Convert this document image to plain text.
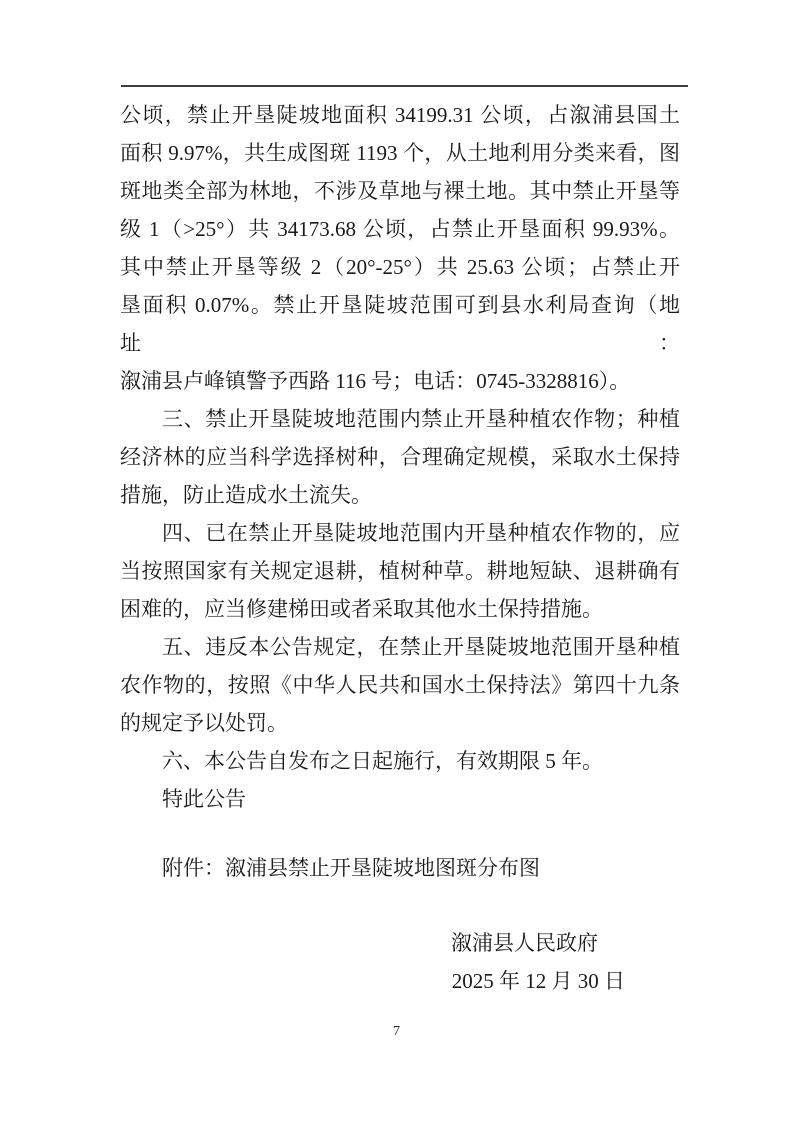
公顷，禁止开垦陡坡地面积 34199.31 公顷，占溆浦县国土
面积 9.97%，共生成图斑 1193 个，从土地利用分类来看，图
斑地类全部为林地，不涉及草地与裸土地。其中禁止开垦等
级 1（>25°）共 34173.68 公顷，占禁止开垦面积 99.93%。
其中禁止开垦等级 2（20°-25°）共 25.63 公顷；占禁止开
垦面积 0.07%。禁止开垦陡坡范围可到县水利局查询（地址：
溆浦县卢峰镇警予西路 116 号；电话：0745-3328816）。
三、禁止开垦陡坡地范围内禁止开垦种植农作物；种植
经济林的应当科学选择树种，合理确定规模，采取水土保持
措施，防止造成水土流失。
四、已在禁止开垦陡坡地范围内开垦种植农作物的，应
当按照国家有关规定退耕，植树种草。耕地短缺、退耕确有
困难的，应当修建梯田或者采取其他水土保持措施。
五、违反本公告规定，在禁止开垦陡坡地范围开垦种植
农作物的，按照《中华人民共和国水土保持法》第四十九条
的规定予以处罚。
六、本公告自发布之日起施行，有效期限 5 年。
特此公告
附件：溆浦县禁止开垦陡坡地图斑分布图
溆浦县人民政府
2025 年 12 月 30 日
7
